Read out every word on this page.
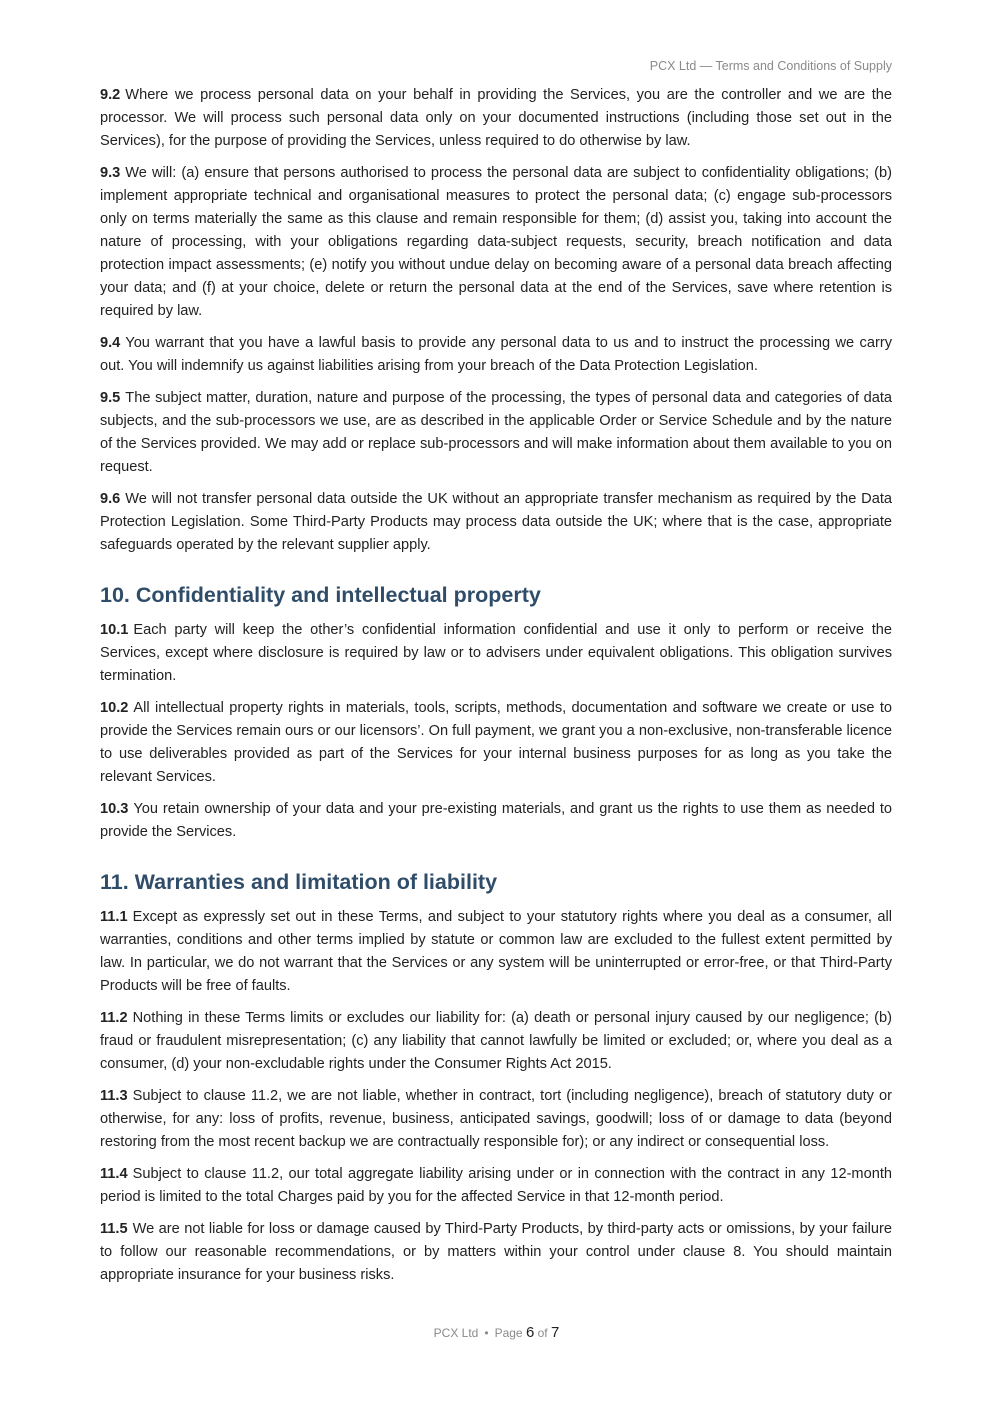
PCX Ltd — Terms and Conditions of Supply

9.2 Where we process personal data on your behalf in providing the Services, you are the controller and we are the processor. We will process such personal data only on your documented instructions (including those set out in the Services), for the purpose of providing the Services, unless required to do otherwise by law.

9.3 We will: (a) ensure that persons authorised to process the personal data are subject to confidentiality obligations; (b) implement appropriate technical and organisational measures to protect the personal data; (c) engage sub-processors only on terms materially the same as this clause and remain responsible for them; (d) assist you, taking into account the nature of processing, with your obligations regarding data-subject requests, security, breach notification and data protection impact assessments; (e) notify you without undue delay on becoming aware of a personal data breach affecting your data; and (f) at your choice, delete or return the personal data at the end of the Services, save where retention is required by law.

9.4 You warrant that you have a lawful basis to provide any personal data to us and to instruct the processing we carry out. You will indemnify us against liabilities arising from your breach of the Data Protection Legislation.

9.5 The subject matter, duration, nature and purpose of the processing, the types of personal data and categories of data subjects, and the sub-processors we use, are as described in the applicable Order or Service Schedule and by the nature of the Services provided. We may add or replace sub-processors and will make information about them available to you on request.

9.6 We will not transfer personal data outside the UK without an appropriate transfer mechanism as required by the Data Protection Legislation. Some Third-Party Products may process data outside the UK; where that is the case, appropriate safeguards operated by the relevant supplier apply.

10. Confidentiality and intellectual property

10.1 Each party will keep the other’s confidential information confidential and use it only to perform or receive the Services, except where disclosure is required by law or to advisers under equivalent obligations. This obligation survives termination.

10.2 All intellectual property rights in materials, tools, scripts, methods, documentation and software we create or use to provide the Services remain ours or our licensors’. On full payment, we grant you a non-exclusive, non-transferable licence to use deliverables provided as part of the Services for your internal business purposes for as long as you take the relevant Services.

10.3 You retain ownership of your data and your pre-existing materials, and grant us the rights to use them as needed to provide the Services.

11. Warranties and limitation of liability

11.1 Except as expressly set out in these Terms, and subject to your statutory rights where you deal as a consumer, all warranties, conditions and other terms implied by statute or common law are excluded to the fullest extent permitted by law. In particular, we do not warrant that the Services or any system will be uninterrupted or error-free, or that Third-Party Products will be free of faults.

11.2 Nothing in these Terms limits or excludes our liability for: (a) death or personal injury caused by our negligence; (b) fraud or fraudulent misrepresentation; (c) any liability that cannot lawfully be limited or excluded; or, where you deal as a consumer, (d) your non-excludable rights under the Consumer Rights Act 2015.

11.3 Subject to clause 11.2, we are not liable, whether in contract, tort (including negligence), breach of statutory duty or otherwise, for any: loss of profits, revenue, business, anticipated savings, goodwill; loss of or damage to data (beyond restoring from the most recent backup we are contractually responsible for); or any indirect or consequential loss.

11.4 Subject to clause 11.2, our total aggregate liability arising under or in connection with the contract in any 12-month period is limited to the total Charges paid by you for the affected Service in that 12-month period.

11.5 We are not liable for loss or damage caused by Third-Party Products, by third-party acts or omissions, by your failure to follow our reasonable recommendations, or by matters within your control under clause 8. You should maintain appropriate insurance for your business risks.

PCX Ltd • Page 6 of 7
